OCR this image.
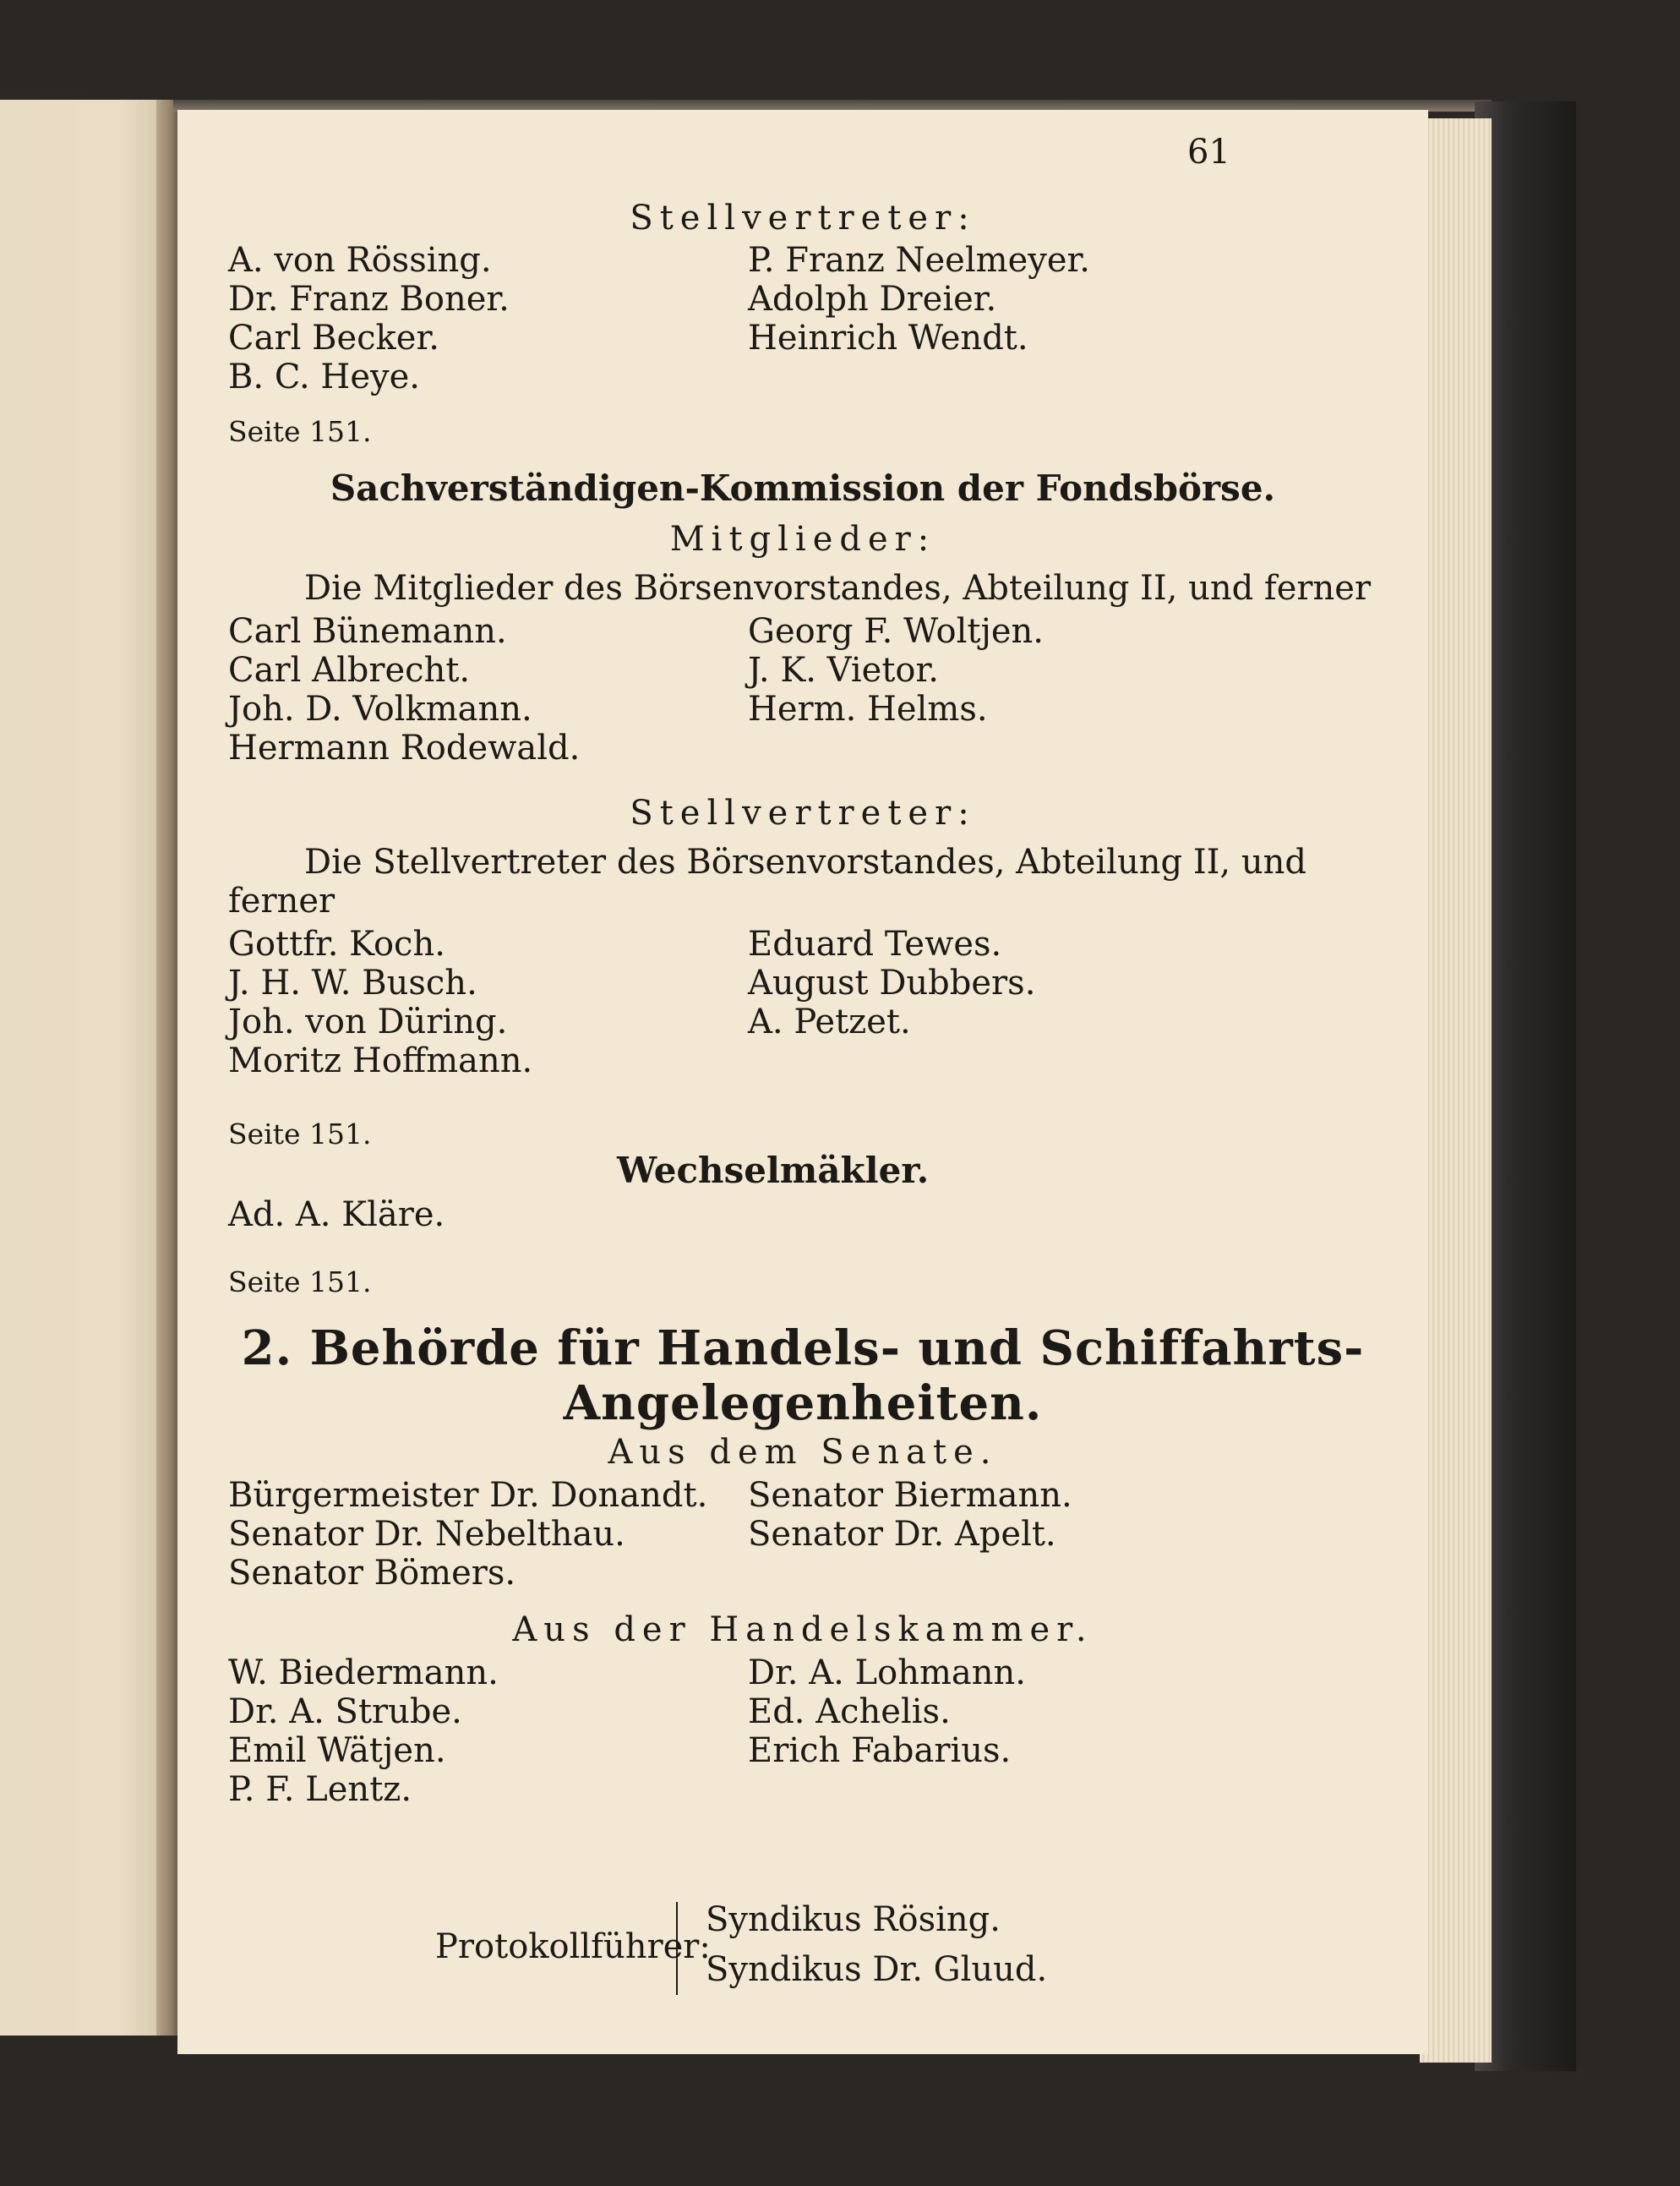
61
Stellvertreter:
A. von Rössing.
Dr. Franz Boner.
Carl Becker.
B. C. Heye.
P. Franz Neelmeyer.
Adolph Dreier.
Heinrich Wendt.
Seite 151.
Sachverständigen-Kommission der Fondsbörse.
Mitglieder:
Die Mitglieder des Börsenvorstandes, Abteilung II, und ferner
Carl Bünemann.
Carl Albrecht.
Joh. D. Volkmann.
Hermann Rodewald.
Georg F. Woltjen.
J. K. Vietor.
Herm. Helms.
Stellvertreter:
Die Stellvertreter des Börsenvorstandes, Abteilung II, und
ferner
Gottfr. Koch.
J. H. W. Busch.
Joh. von Düring.
Moritz Hoffmann.
Eduard Tewes.
August Dubbers.
A. Petzet.
Seite 151.
Wechselmäkler.
Ad. A. Kläre.
Seite 151.
2. Behörde für Handels- und Schiffahrts-
Angelegenheiten.
Aus dem Senate.
Bürgermeister Dr. Donandt.
Senator Dr. Nebelthau.
Senator Bömers.
Senator Biermann.
Senator Dr. Apelt.
Aus der Handelskammer.
W. Biedermann.
Dr. A. Strube.
Emil Wätjen.
P. F. Lentz.
Dr. A. Lohmann.
Ed. Achelis.
Erich Fabarius.
Protokollführer:
Syndikus Rösing.
Syndikus Dr. Gluud.
